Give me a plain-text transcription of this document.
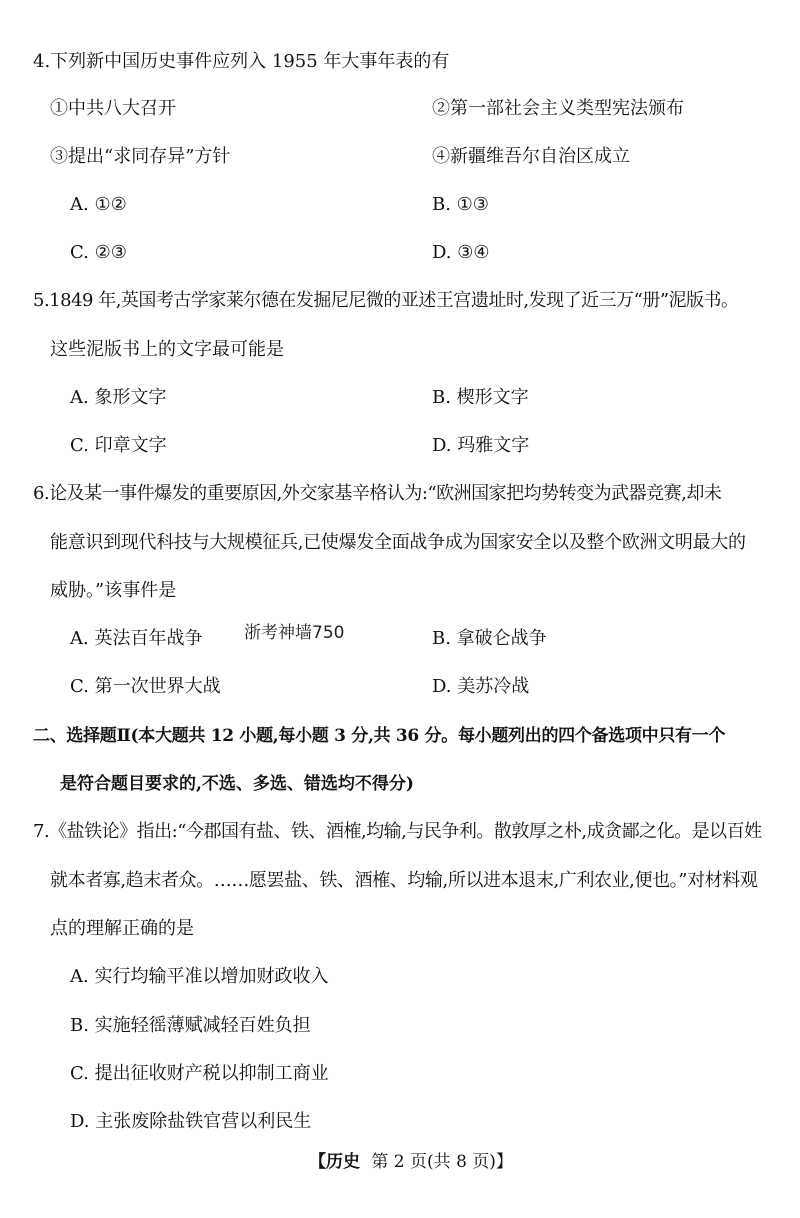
4.下列新中国历史事件应列入 1955 年大事年表的有
①中共八大召开	②第一部社会主义类型宪法颁布
③提出“求同存异”方针	④新疆维吾尔自治区成立
A. ①②	B. ①③
C. ②③	D. ③④
5.1849 年,英国考古学家莱尔德在发掘尼尼微的亚述王宫遗址时,发现了近三万“册”泥版书。
这些泥版书上的文字最可能是
A. 象形文字	B. 楔形文字
C. 印章文字	D. 玛雅文字
6.论及某一事件爆发的重要原因,外交家基辛格认为:“欧洲国家把均势转变为武器竞赛,却未
能意识到现代科技与大规模征兵,已使爆发全面战争成为国家安全以及整个欧洲文明最大的
威胁。”该事件是
A. 英法百年战争 浙考神墙750	B. 拿破仑战争
C. 第一次世界大战	D. 美苏冷战
二、选择题Ⅱ(本大题共 12 小题,每小题 3 分,共 36 分。每小题列出的四个备选项中只有一个
是符合题目要求的,不选、多选、错选均不得分)
7.《盐铁论》指出:“今郡国有盐、铁、酒榷,均输,与民争利。散敦厚之朴,成贪鄙之化。是以百姓
就本者寡,趋末者众。……愿罢盐、铁、酒榷、均输,所以进本退末,广利农业,便也。”对材料观
点的理解正确的是
A. 实行均输平准以增加财政收入
B. 实施轻徭薄赋减轻百姓负担
C. 提出征收财产税以抑制工商业
D. 主张废除盐铁官营以利民生
【历史 第 2 页(共 8 页)】
